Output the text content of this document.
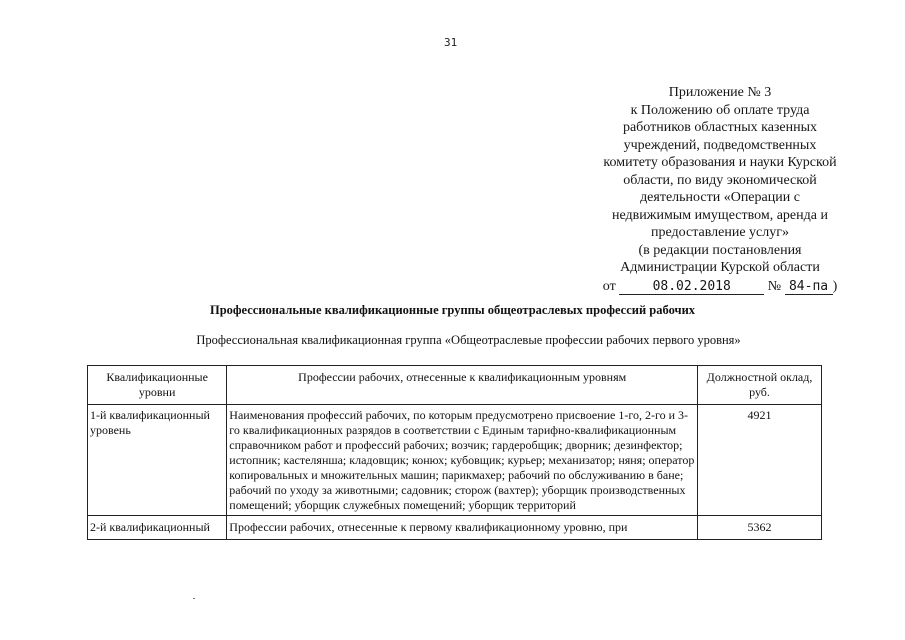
31
Приложение № 3
к Положению об оплате труда
работников областных казенных
учреждений, подведомственных
комитету образования и науки Курской
области, по виду экономической
деятельности «Операции с
недвижимым имуществом, аренда и
предоставление услуг»
(в редакции постановления
Администрации Курской области
от	08.02.2018	№ 84-па )
Профессиональные квалификационные группы общеотраслевых профессий рабочих
Профессиональная квалификационная группа «Общеотраслевые профессии рабочих первого уровня»
Квалификационные уровни	Профессии рабочих, отнесенные к квалификационным уровням	Должностной оклад, руб.
1-й квалификационный уровень	Наименования профессий рабочих, по которым предусмотрено присвоение 1-го, 2-го и 3-го квалификационных разрядов в соответствии с Единым тарифно-квалификационным справочником работ и профессий рабочих; возчик; гардеробщик; дворник; дезинфектор; истопник; кастелянша; кладовщик; конюх; кубовщик; курьер; механизатор; няня; оператор копировальных и множительных машин; парикмахер; рабочий по обслуживанию в бане; рабочий по уходу за животными; садовник; сторож (вахтер); уборщик производственных помещений; уборщик служебных помещений; уборщик территорий	4921
2-й квалификационный	Профессии рабочих, отнесенные к первому квалификационному уровню, при	5362
